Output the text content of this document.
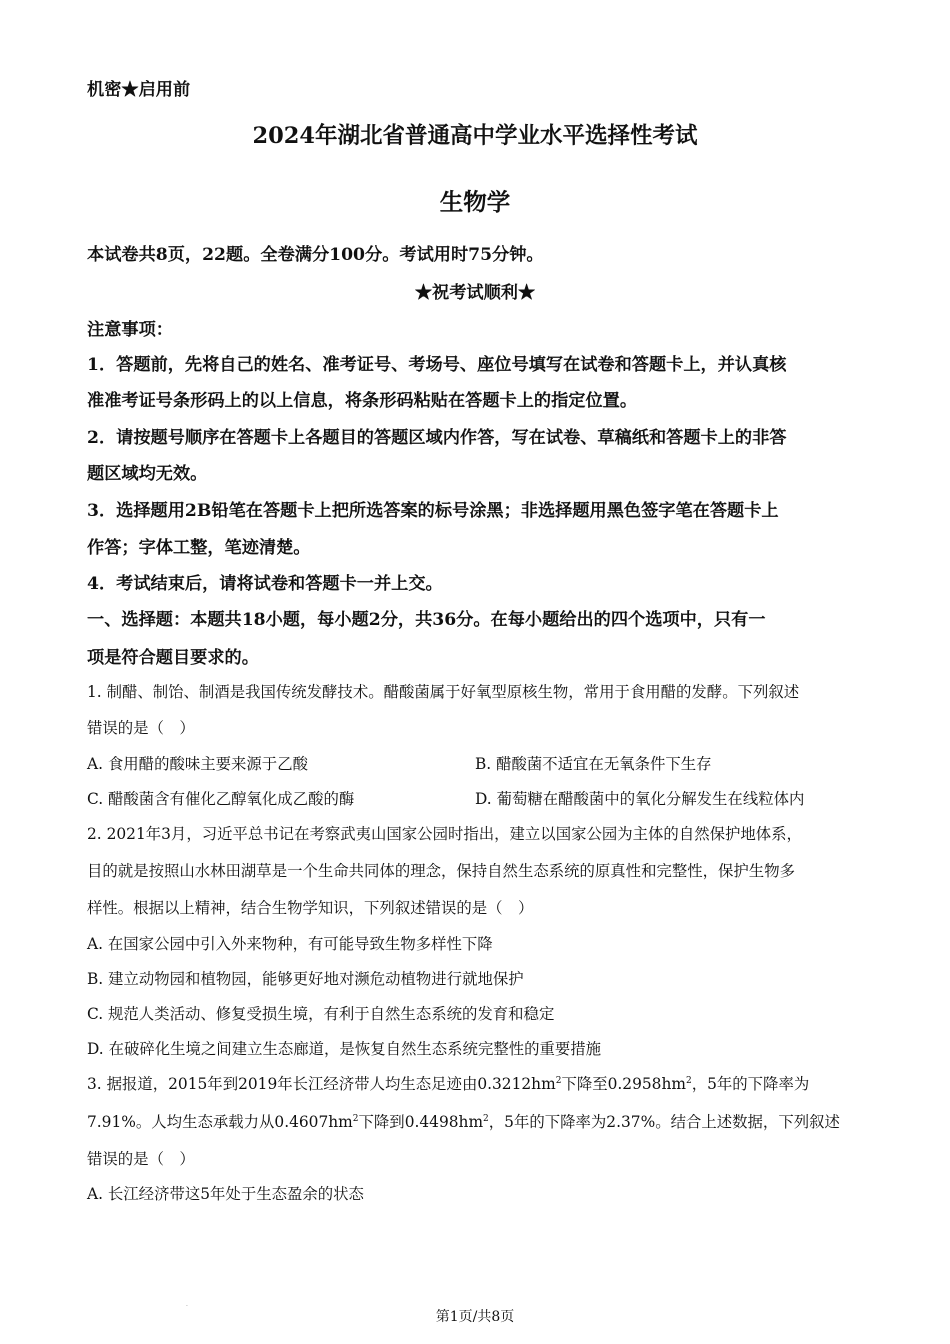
机密★启用前
2024年湖北省普通高中学业水平选择性考试
生物学
本试卷共8页，22题。全卷满分100分。考试用时75分钟。
★祝考试顺利★
注意事项：
1．答题前，先将自己的姓名、准考证号、考场号、座位号填写在试卷和答题卡上，并认真核
准准考证号条形码上的以上信息，将条形码粘贴在答题卡上的指定位置。
2．请按题号顺序在答题卡上各题目的答题区域内作答，写在试卷、草稿纸和答题卡上的非答
题区域均无效。
3．选择题用2B铅笔在答题卡上把所选答案的标号涂黑；非选择题用黑色签字笔在答题卡上
作答；字体工整，笔迹清楚。
4．考试结束后，请将试卷和答题卡一并上交。
一、选择题：本题共18小题，每小题2分，共36分。在每小题给出的四个选项中，只有一
项是符合题目要求的。
1. 制醋、制饴、制酒是我国传统发酵技术。醋酸菌属于好氧型原核生物，常用于食用醋的发酵。下列叙述
错误的是（　）
A. 食用醋的酸味主要来源于乙酸	B. 醋酸菌不适宜在无氧条件下生存
C. 醋酸菌含有催化乙醇氧化成乙酸的酶	D. 葡萄糖在醋酸菌中的氧化分解发生在线粒体内
2. 2021年3月，习近平总书记在考察武夷山国家公园时指出，建立以国家公园为主体的自然保护地体系，
目的就是按照山水林田湖草是一个生命共同体的理念，保持自然生态系统的原真性和完整性，保护生物多
样性。根据以上精神，结合生物学知识，下列叙述错误的是（　）
A. 在国家公园中引入外来物种，有可能导致生物多样性下降
B. 建立动物园和植物园，能够更好地对濒危动植物进行就地保护
C. 规范人类活动、修复受损生境，有利于自然生态系统的发育和稳定
D. 在破碎化生境之间建立生态廊道，是恢复自然生态系统完整性的重要措施
3. 据报道，2015年到2019年长江经济带人均生态足迹由$0.3212hm^2$下降至$0.2958hm^2$，5年的下降率为
7.91%。人均生态承载力从$0.4607hm^2$下降到$0.4498hm^2$，5年的下降率为2.37%。结合上述数据，下列叙述
错误的是（　）
A. 长江经济带这5年处于生态盈余的状态
·
第1页/共8页
